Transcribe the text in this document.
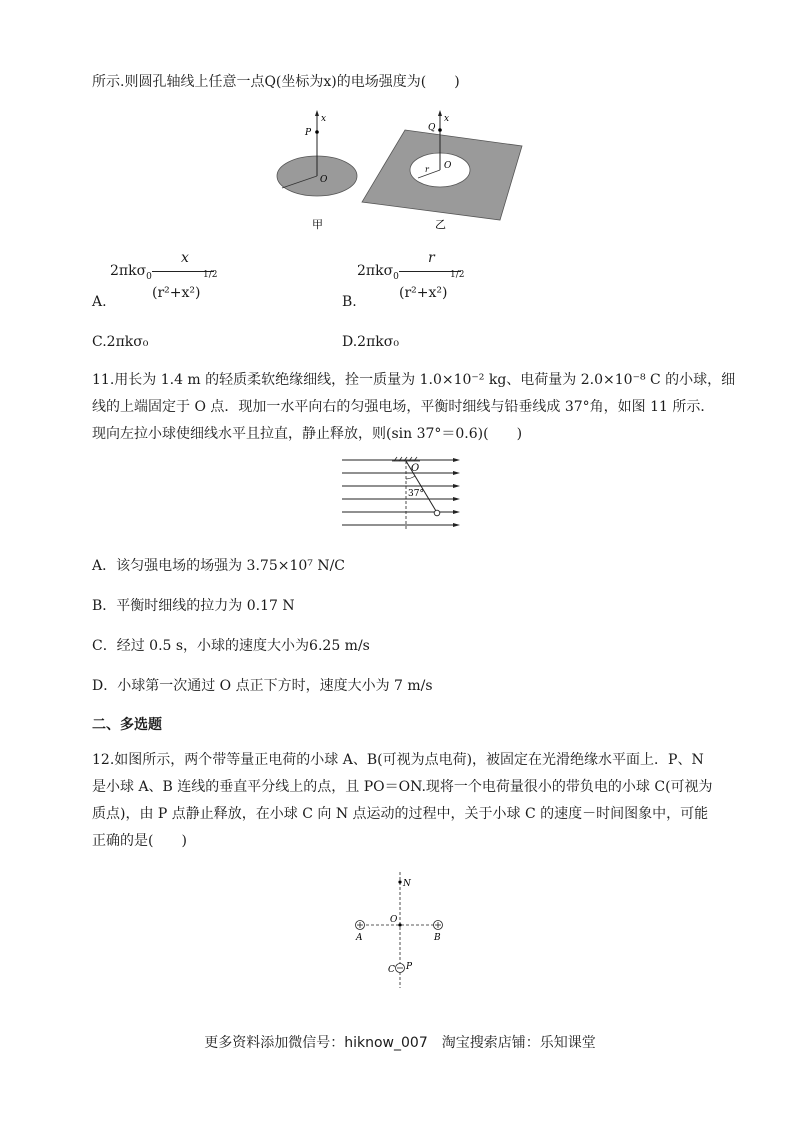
所示.则圆孔轴线上任意一点Q(坐标为x)的电场强度为(　　)
x
P
O
x
Q
O
r
甲	乙
2πkσ$_0$
x
(r²+x²)
1/2
A.
2πkσ$_0$
r
(r²+x²)
1/2
B.
C.2πkσ₀	D.2πkσ₀
11.用长为 1.4 m 的轻质柔软绝缘细线，拴一质量为 1.0×10⁻² kg、电荷量为 2.0×10⁻⁸ C 的小球，细
线的上端固定于 O 点．现加一水平向右的匀强电场，平衡时细线与铅垂线成 37°角，如图 11 所示．
现向左拉小球使细线水平且拉直，静止释放，则(sin 37°＝0.6)(　　)
O
37°
A．该匀强电场的场强为 3.75×10⁷ N/C
B．平衡时细线的拉力为 0.17 N
C．经过 0.5 s，小球的速度大小为6.25 m/s
D．小球第一次通过 O 点正下方时，速度大小为 7 m/s
二、多选题
12.如图所示，两个带等量正电荷的小球 A、B(可视为点电荷)，被固定在光滑绝缘水平面上．P、N
是小球 A、B 连线的垂直平分线上的点，且 PO＝ON.现将一个电荷量很小的带负电的小球 C(可视为
质点)，由 P 点静止释放，在小球 C 向 N 点运动的过程中，关于小球 C 的速度－时间图象中，可能
正确的是(　　)
N
O
A	B
C P
更多资料添加微信号：hiknow_007　淘宝搜索店铺：乐知课堂
